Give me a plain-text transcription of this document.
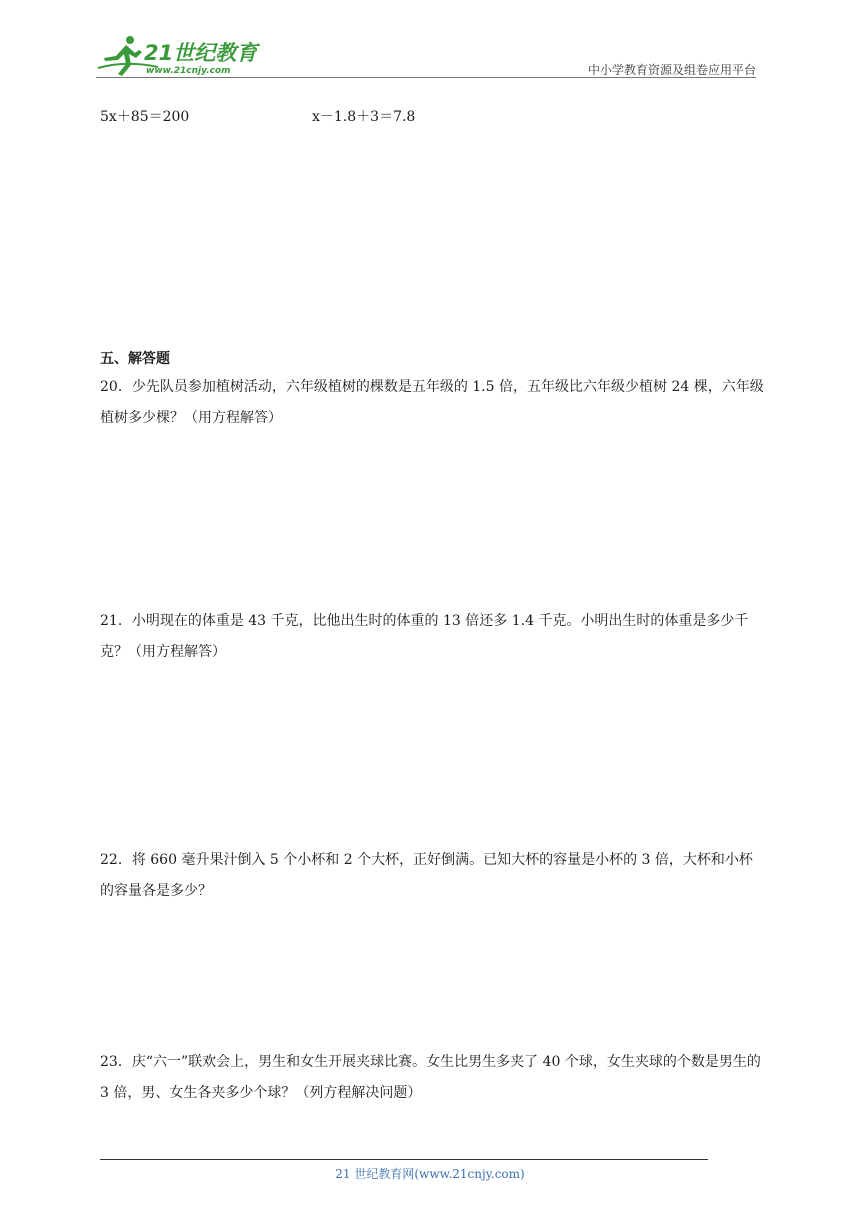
21世纪教育
www.21cnjy.com	中小学教育资源及组卷应用平台
5x＋85＝200	x－1.8＋3＝7.8
五、解答题
20．少先队员参加植树活动，六年级植树的棵数是五年级的 1.5 倍，五年级比六年级少植树 24 棵，六年级植树多少棵？（用方程解答）
21．小明现在的体重是 43 千克，比他出生时的体重的 13 倍还多 1.4 千克。小明出生时的体重是多少千克？（用方程解答）
22．将 660 毫升果汁倒入 5 个小杯和 2 个大杯，正好倒满。已知大杯的容量是小杯的 3 倍，大杯和小杯的容量各是多少？
23．庆“六一”联欢会上，男生和女生开展夹球比赛。女生比男生多夹了 40 个球，女生夹球的个数是男生的 3 倍，男、女生各夹多少个球？（列方程解决问题）
21 世纪教育网(www.21cnjy.com)
